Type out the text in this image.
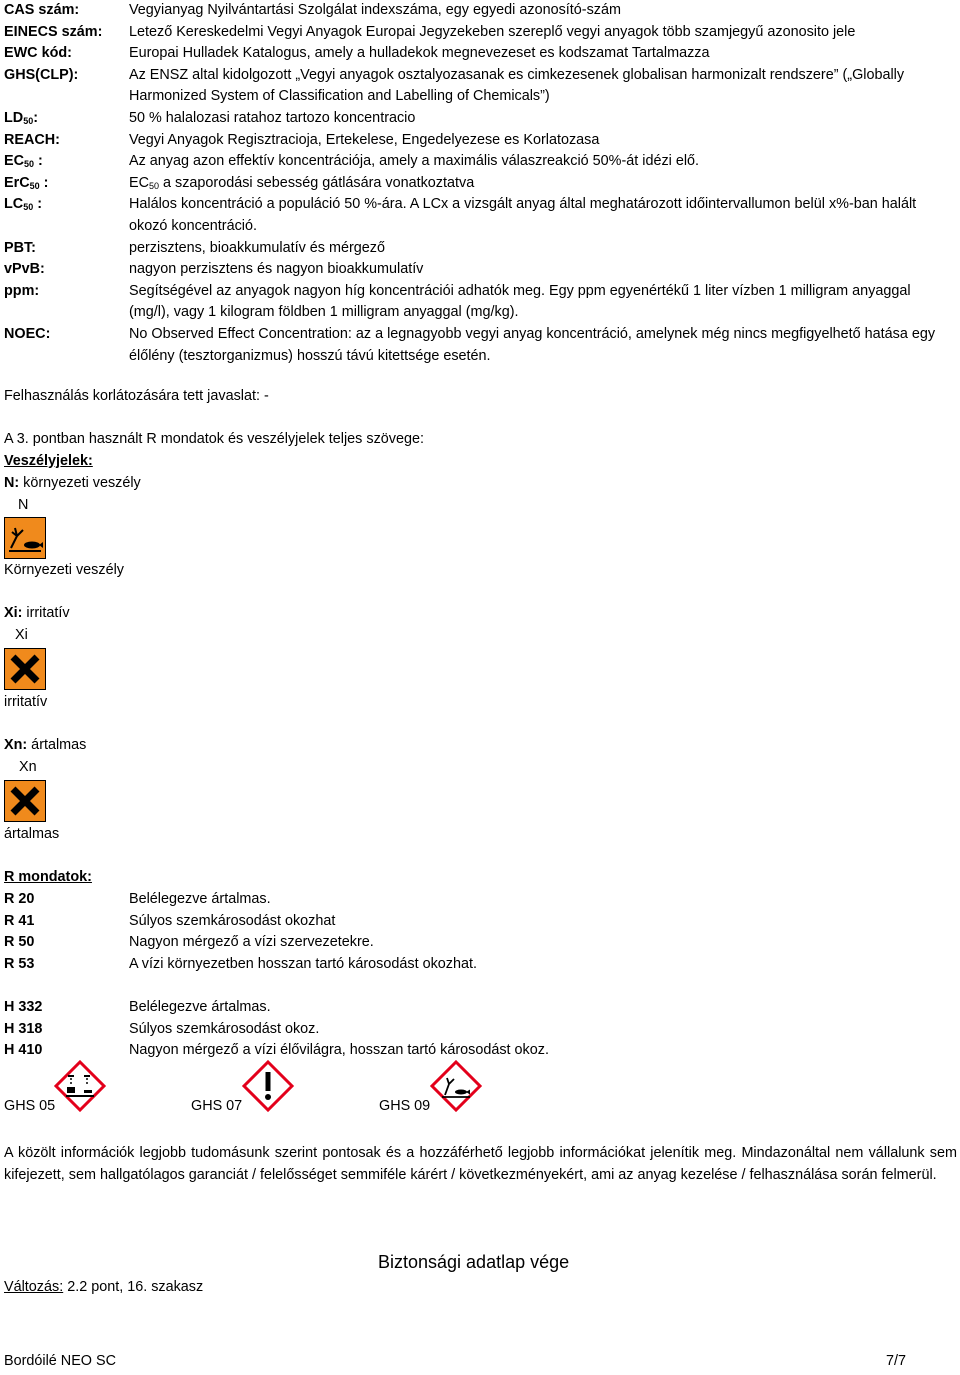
CAS szám:	Vegyianyag Nyilvántartási Szolgálat indexszáma, egy egyedi azonosító-szám
EINECS szám:	Letező Kereskedelmi Vegyi Anyagok Europai Jegyzekeben szereplő vegyi anyagok több szamjegyű azonosito jele
EWC kód:	Europai Hulladek Katalogus, amely a hulladekok megnevezeset es kodszamat Tartalmazza
GHS(CLP):	Az ENSZ altal kidolgozott „Vegyi anyagok osztalyozasanak es cimkezesenek globalisan harmonizalt rendszere” („Globally Harmonized System of Classification and Labelling of Chemicals”)
$LD_{50}$:	50 % halalozasi ratahoz tartozo koncentracio
REACH:	Vegyi Anyagok Regisztracioja, Ertekelese, Engedelyezese es Korlatozasa
$EC_{50}$ :	Az anyag azon effektív koncentrációja, amely a maximális válaszreakció 50%-át idézi elő.
ErC$_{50}$ :	$EC_{50}$ a szaporodási sebesség gátlására vonatkoztatva
$LC_{50}$ :	Halálos koncentráció a populáció 50 %-ára. A LCx a vizsgált anyag által meghatározott időintervallumon belül x%-ban halált okozó koncentráció.
PBT:	perzisztens, bioakkumulatív és mérgező
vPvB:	nagyon perzisztens és nagyon bioakkumulatív
ppm:	Segítségével az anyagok nagyon híg koncentrációi adhatók meg. Egy ppm egyenértékű 1 liter vízben 1 milligram anyaggal (mg/l), vagy 1 kilogram földben 1 milligram anyaggal (mg/kg).
NOEC:	No Observed Effect Concentration: az a legnagyobb vegyi anyag koncentráció, amelynek még nincs megfigyelhető hatása egy élőlény (tesztorganizmus) hosszú távú kitettsége esetén.
Felhasználás korlátozására tett javaslat: -
A 3. pontban használt R mondatok és veszélyjelek teljes szövege:
Veszélyjelek:
N: környezeti veszély
N
Környezeti veszély
Xi: irritatív
Xi
irritatív
Xn: ártalmas
Xn
ártalmas
R mondatok:
R 20	Belélegezve ártalmas.
R 41	Súlyos szemkárosodást okozhat
R 50	Nagyon mérgező a vízi szervezetekre.
R 53	A vízi környezetben hosszan tartó károsodást okozhat.
H 332	Belélegezve ártalmas.
H 318	Súlyos szemkárosodást okoz.
H 410	Nagyon mérgező a vízi élővilágra, hosszan tartó károsodást okoz.
GHS 05	GHS 07	GHS 09
A közölt információk legjobb tudomásunk szerint pontosak és a hozzáférhető legjobb információkat jelenítik meg. Mindazonáltal nem vállalunk sem kifejezett, sem hallgatólagos garanciát / felelősséget semmiféle kárért / következményekért, ami az anyag kezelése / felhasználása során felmerül.
Biztonsági adatlap vége
Változás: 2.2 pont, 16. szakasz
Bordóilé NEO SC	7/7
